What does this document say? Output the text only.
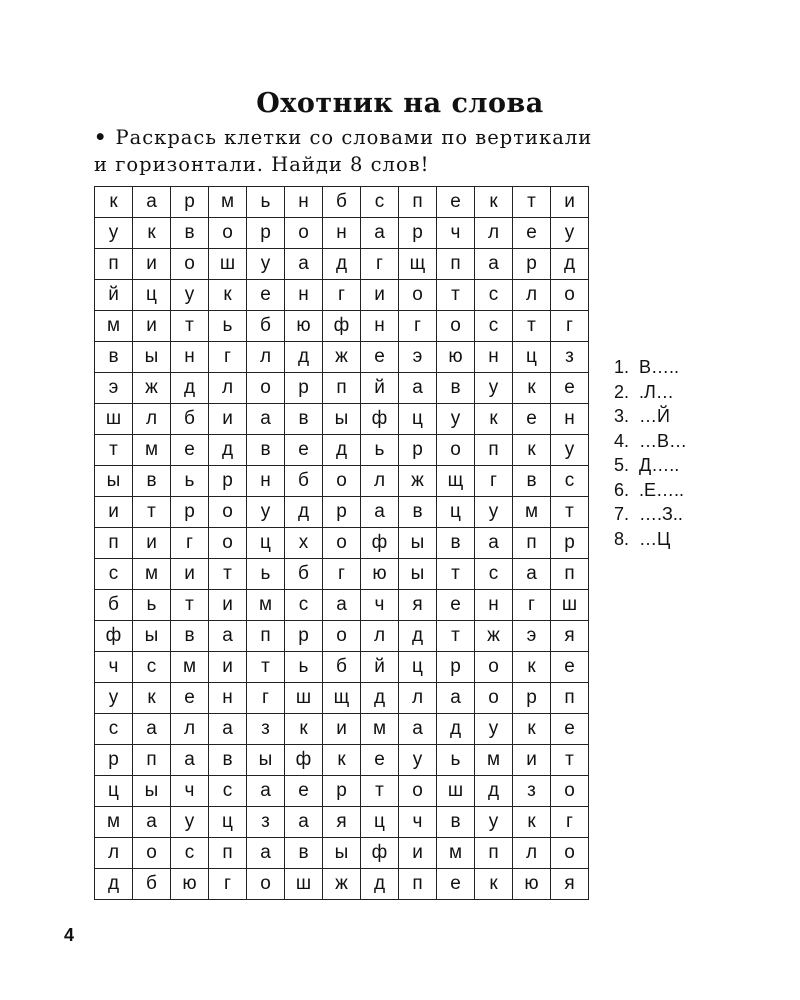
Охотник на слова
• Раскрась клетки со словами по вертикали
и горизонтали. Найди 8 слов!
к	а	р	м	ь	н	б	с	п	е	к	т	и
у	к	в	о	р	о	н	а	р	ч	л	е	у
п	и	о	ш	у	а	д	г	щ	п	а	р	д
й	ц	у	к	е	н	г	и	о	т	с	л	о
м	и	т	ь	б	ю	ф	н	г	о	с	т	г
в	ы	н	г	л	д	ж	е	э	ю	н	ц	з
э	ж	д	л	о	р	п	й	а	в	у	к	е
ш	л	б	и	а	в	ы	ф	ц	у	к	е	н
т	м	е	д	в	е	д	ь	р	о	п	к	у
ы	в	ь	р	н	б	о	л	ж	щ	г	в	с
и	т	р	о	у	д	р	а	в	ц	у	м	т
п	и	г	о	ц	х	о	ф	ы	в	а	п	р
с	м	и	т	ь	б	г	ю	ы	т	с	а	п
б	ь	т	и	м	с	а	ч	я	е	н	г	ш
ф	ы	в	а	п	р	о	л	д	т	ж	э	я
ч	с	м	и	т	ь	б	й	ц	р	о	к	е
у	к	е	н	г	ш	щ	д	л	а	о	р	п
с	а	л	а	з	к	и	м	а	д	у	к	е
р	п	а	в	ы	ф	к	е	у	ь	м	и	т
ц	ы	ч	с	а	е	р	т	о	ш	д	з	о
м	а	у	ц	з	а	я	ц	ч	в	у	к	г
л	о	с	п	а	в	ы	ф	и	м	п	л	о
д	б	ю	г	о	ш	ж	д	п	е	к	ю	я
1.  В…..
2.  .Л…
3.  …Й
4.  …В…
5.  Д…..
6.  .Е…..
7.  ….З..
8.  …Ц
4
